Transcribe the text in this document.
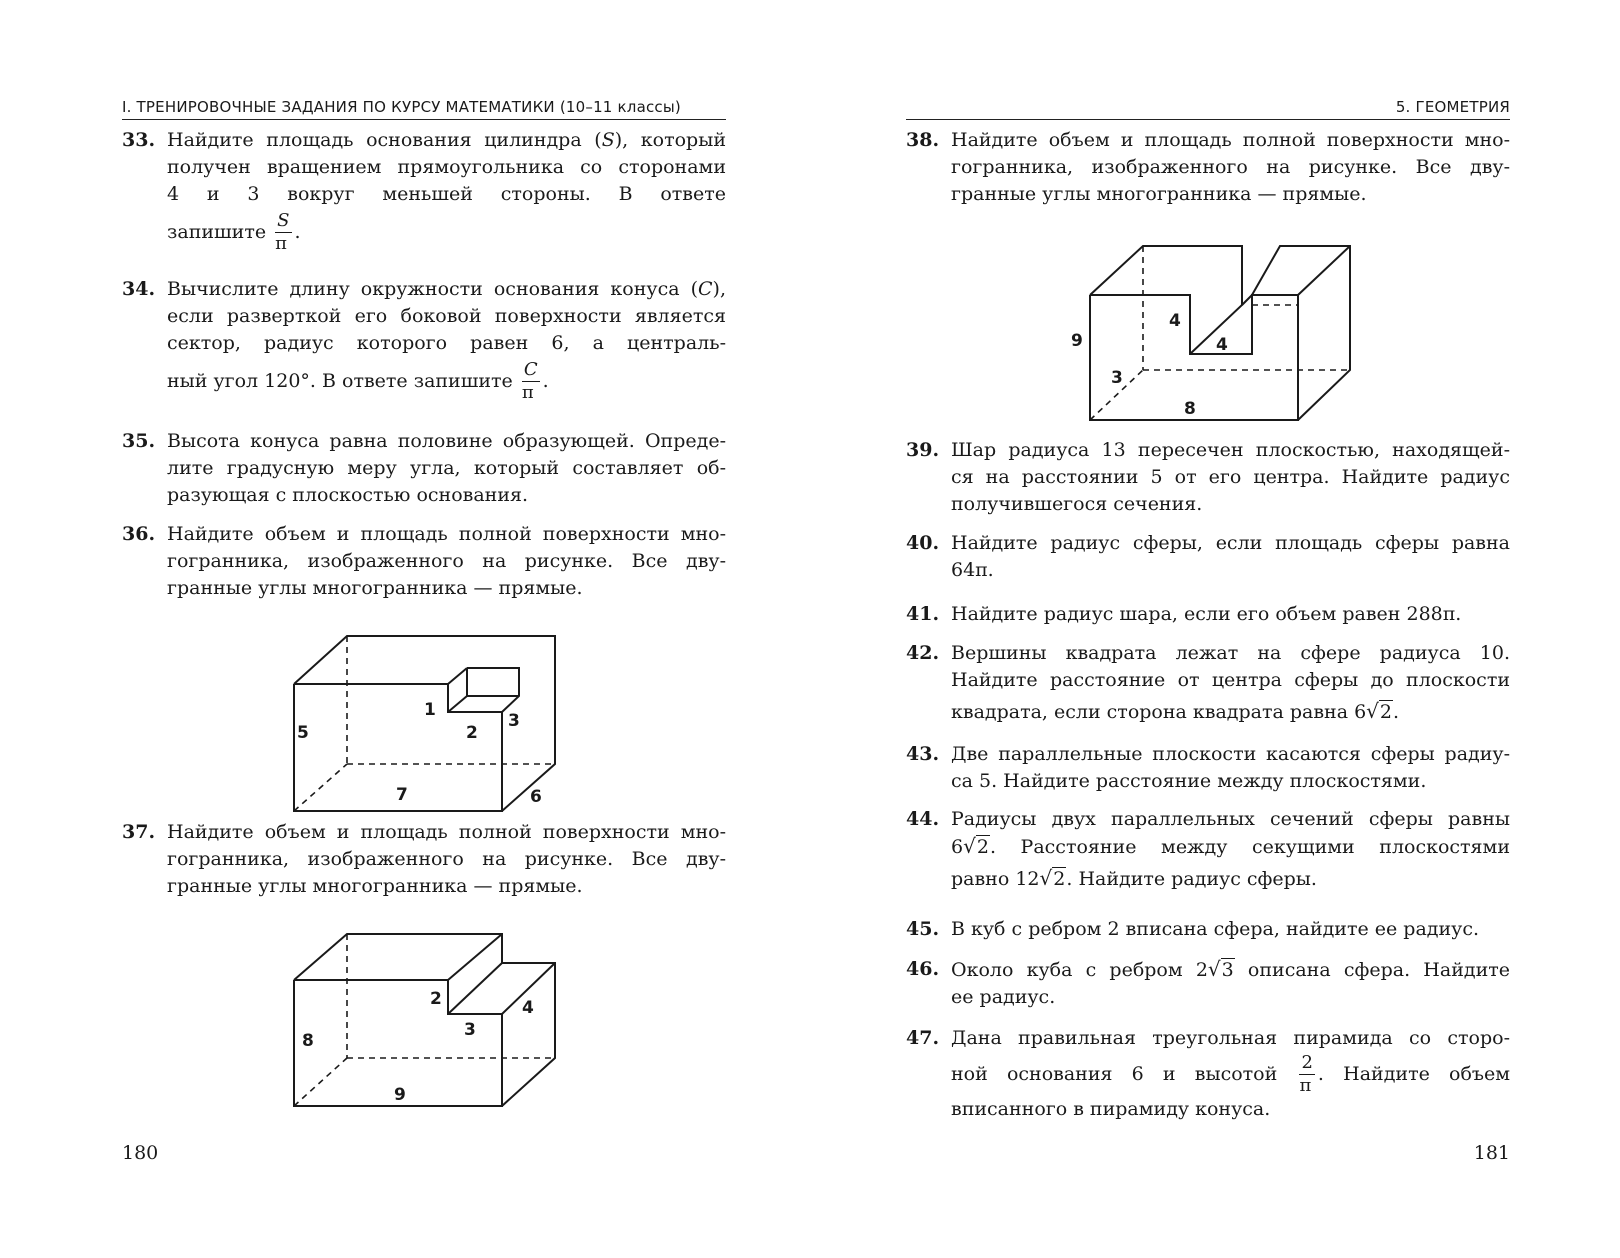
I. ТРЕНИРОВОЧНЫЕ ЗАДАНИЯ ПО КУРСУ МАТЕМАТИКИ (10–11 классы)
33. Найдите площадь основания цилиндра (S), который

получен вращением прямоугольника со сторонами

4 и 3 вокруг меньшей стороны. В ответе

запишите $\frac{S}{\pi}$ .

34. Вычислите длину окружности основания конуса (C),

если разверткой его боковой поверхности является

сектор, радиус которого равен 6, а централь-

ный угол 120°. В ответе запишите $\frac{C}{\pi}$ .

35. Высота конуса равна половине образующей. Опреде-

лите градусную меру угла, который составляет об-

разующая с плоскостью основания.

36. Найдите объем и площадь полной поверхности мно-

гогранника, изображенного на рисунке. Все дву-

гранные углы многогранника — прямые.

1
2
3
5
7	6
37. Найдите объем и площадь полной поверхности мно-

гогранника, изображенного на рисунке. Все дву-

гранные углы многогранника — прямые.

2	4
3
8
9
180
5. ГЕОМЕТРИЯ
38. Найдите объем и площадь полной поверхности мно-

гогранника, изображенного на рисунке. Все дву-

гранные углы многогранника — прямые.

4
4
9
3
8
39. Шар радиуса 13 пересечен плоскостью, находящей-

ся на расстоянии 5 от его центра. Найдите радиус

получившегося сечения.

40. Найдите радиус сферы, если площадь сферы равна

64π.

41. Найдите радиус шара, если его объем равен 288π.

42. Вершины квадрата лежат на сфере радиуса 10.

Найдите расстояние от центра сферы до плоскости

квадрата, если сторона квадрата равна 6√2.

43. Две параллельные плоскости касаются сферы радиу-

са 5. Найдите расстояние между плоскостями.

44. Радиусы двух параллельных сечений сферы равны

6√2. Расстояние между секущими плоскостями

равно 12√2. Найдите радиус сферы.

45. В куб с ребром 2 вписана сфера, найдите ее радиус.

46. Около куба с ребром 2√3 описана сфера. Найдите

ее радиус.

47. Дана правильная треугольная пирамида со сторо-

ной основания 6 и высотой $\frac{2}{\pi}$ . Найдите объем

вписанного в пирамиду конуса.

181
